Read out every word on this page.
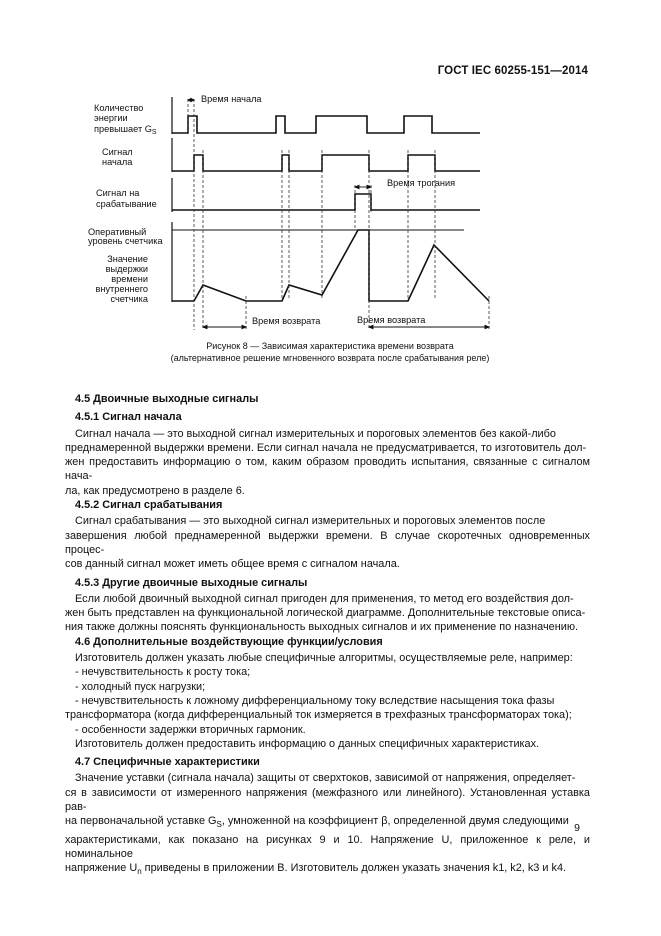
ГОСТ IEC 60255-151—2014
Количество
энергии
превышает $G_S$
Сигнал
начала
Сигнал на
срабатывание
Оперативный
уровень счетчика
Значение
выдержки
времени
внутреннего
счетчика
Время начала
Время трогания
Время возврата	Время возврата
Рисунок 8 — Зависимая характеристика времени возврата
(альтернативное решение мгновенного возврата после срабатывания реле)
4.5 Двоичные выходные сигналы
4.5.1 Сигнал начала

Сигнал начала — это выходной сигнал измерительных и пороговых элементов без какой-либо

преднамеренной выдержки времени. Если сигнал начала не предусматривается, то изготовитель дол-

жен предоставить информацию о том, каким образом проводить испытания, связанные с сигналом нача-

ла, как предусмотрено в разделе 6.

4.5.2 Сигнал срабатывания

Сигнал срабатывания — это выходной сигнал измерительных и пороговых элементов после

завершения любой преднамеренной выдержки времени. В случае скоротечных одновременных процес-

сов данный сигнал может иметь общее время с сигналом начала.

4.5.3 Другие двоичные выходные сигналы

Если любой двоичный выходной сигнал пригоден для применения, то метод его воздействия дол-

жен быть представлен на функциональной логической диаграмме. Дополнительные текстовые описа-

ния также должны пояснять функциональность выходных сигналов и их применение по назначению.

4.6 Дополнительные воздействующие функции/условия

Изготовитель должен указать любые специфичные алгоритмы, осуществляемые реле, например:

- нечувствительность к росту тока;

- холодный пуск нагрузки;

- нечувствительность к ложному дифференциальному току вследствие насыщения тока фазы

трансформатора (когда дифференциальный ток измеряется в трехфазных трансформаторах тока);

- особенности задержки вторичных гармоник.

Изготовитель должен предоставить информацию о данных специфичных характеристиках.

4.7 Специфичные характеристики

Значение уставки (сигнала начала) защиты от сверхтоков, зависимой от напряжения, определяет-

ся в зависимости от измеренного напряжения (межфазного или линейного). Установленная уставка рав-

на первоначальной уставке $G_S$, умноженной на коэффициент β, определенной двумя следующими

характеристиками, как показано на рисунках 9 и 10. Напряжение U, приложенное к реле, и номинальное

напряжение $U_n$ приведены в приложении В. Изготовитель должен указать значения k1, k2, k3 и k4.

9
